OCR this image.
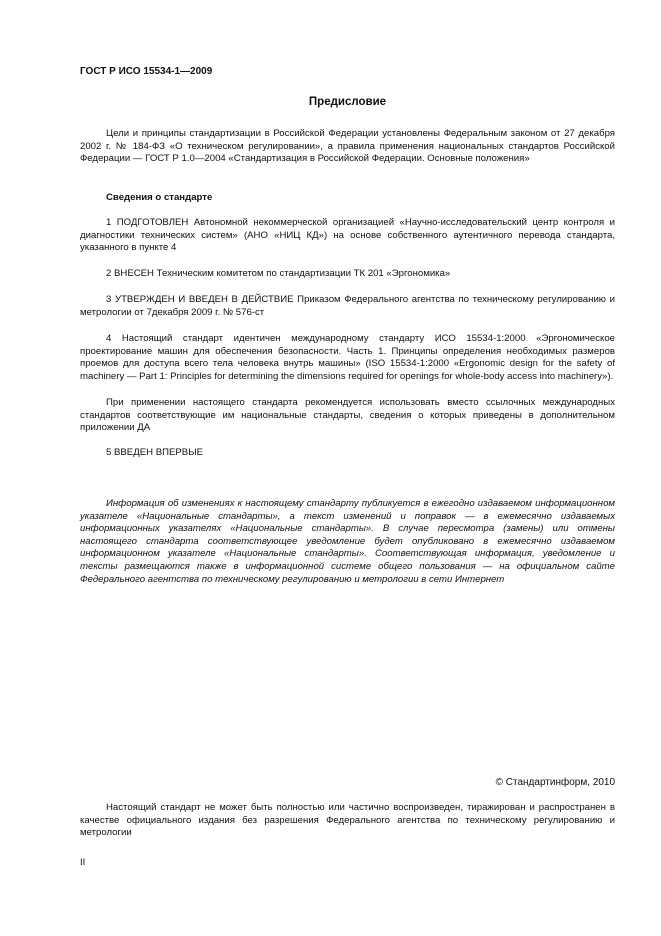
ГОСТ Р ИСО 15534-1—2009
Предисловие

Цели и принципы стандартизации в Российской Федерации установлены Федеральным законом от 27 декабря 2002 г. № 184-ФЗ «О техническом регулировании», а правила применения национальных стандартов Российской Федерации — ГОСТ Р 1.0—2004 «Стандартизация в Российской Федерации. Основные положения»

Сведения о стандарте

1 ПОДГОТОВЛЕН Автономной некоммерческой организацией «Научно-исследовательский центр контроля и диагностики технических систем» (АНО «НИЦ КД») на основе собственного аутентичного перевода стандарта, указанного в пункте 4

2 ВНЕСЕН Техническим комитетом по стандартизации ТК 201 «Эргономика»

3 УТВЕРЖДЕН И ВВЕДЕН В ДЕЙСТВИЕ Приказом Федерального агентства по техническому регулированию и метрологии от 7декабря 2009 г. № 576-ст

4 Настоящий стандарт идентичен международному стандарту ИСО 15534-1:2000 «Эргономическое проектирование машин для обеспечения безопасности. Часть 1. Принципы определения необходимых размеров проемов для доступа всего тела человека внутрь машины» (ISO 15534-1:2000 «Ergonomic design for the safety of machinery — Part 1: Principles for determining the dimensions required for openings for whole-body access into machinery»).

При применении настоящего стандарта рекомендуется использовать вместо ссылочных международных стандартов соответствующие им национальные стандарты, сведения о которых приведены в дополнительном приложении ДА

5 ВВЕДЕН ВПЕРВЫЕ

Информация об изменениях к настоящему стандарту публикуется в ежегодно издаваемом информационном указателе «Национальные стандарты», а текст изменений и поправок — в ежемесячно издаваемых информационных указателях «Национальные стандарты». В случае пересмотра (замены) или отмены настоящего стандарта соответствующее уведомление будет опубликовано в ежемесячно издаваемом информационном указателе «Национальные стандарты». Соответствующая информация, уведомление и тексты размещаются также в информационной системе общего пользования — на официальном сайте Федерального агентства по техническому регулированию и метрологии в сети Интернет

© Стандартинформ, 2010

Настоящий стандарт не может быть полностью или частично воспроизведен, тиражирован и распространен в качестве официального издания без разрешения Федерального агентства по техническому регулированию и метрологии

II
